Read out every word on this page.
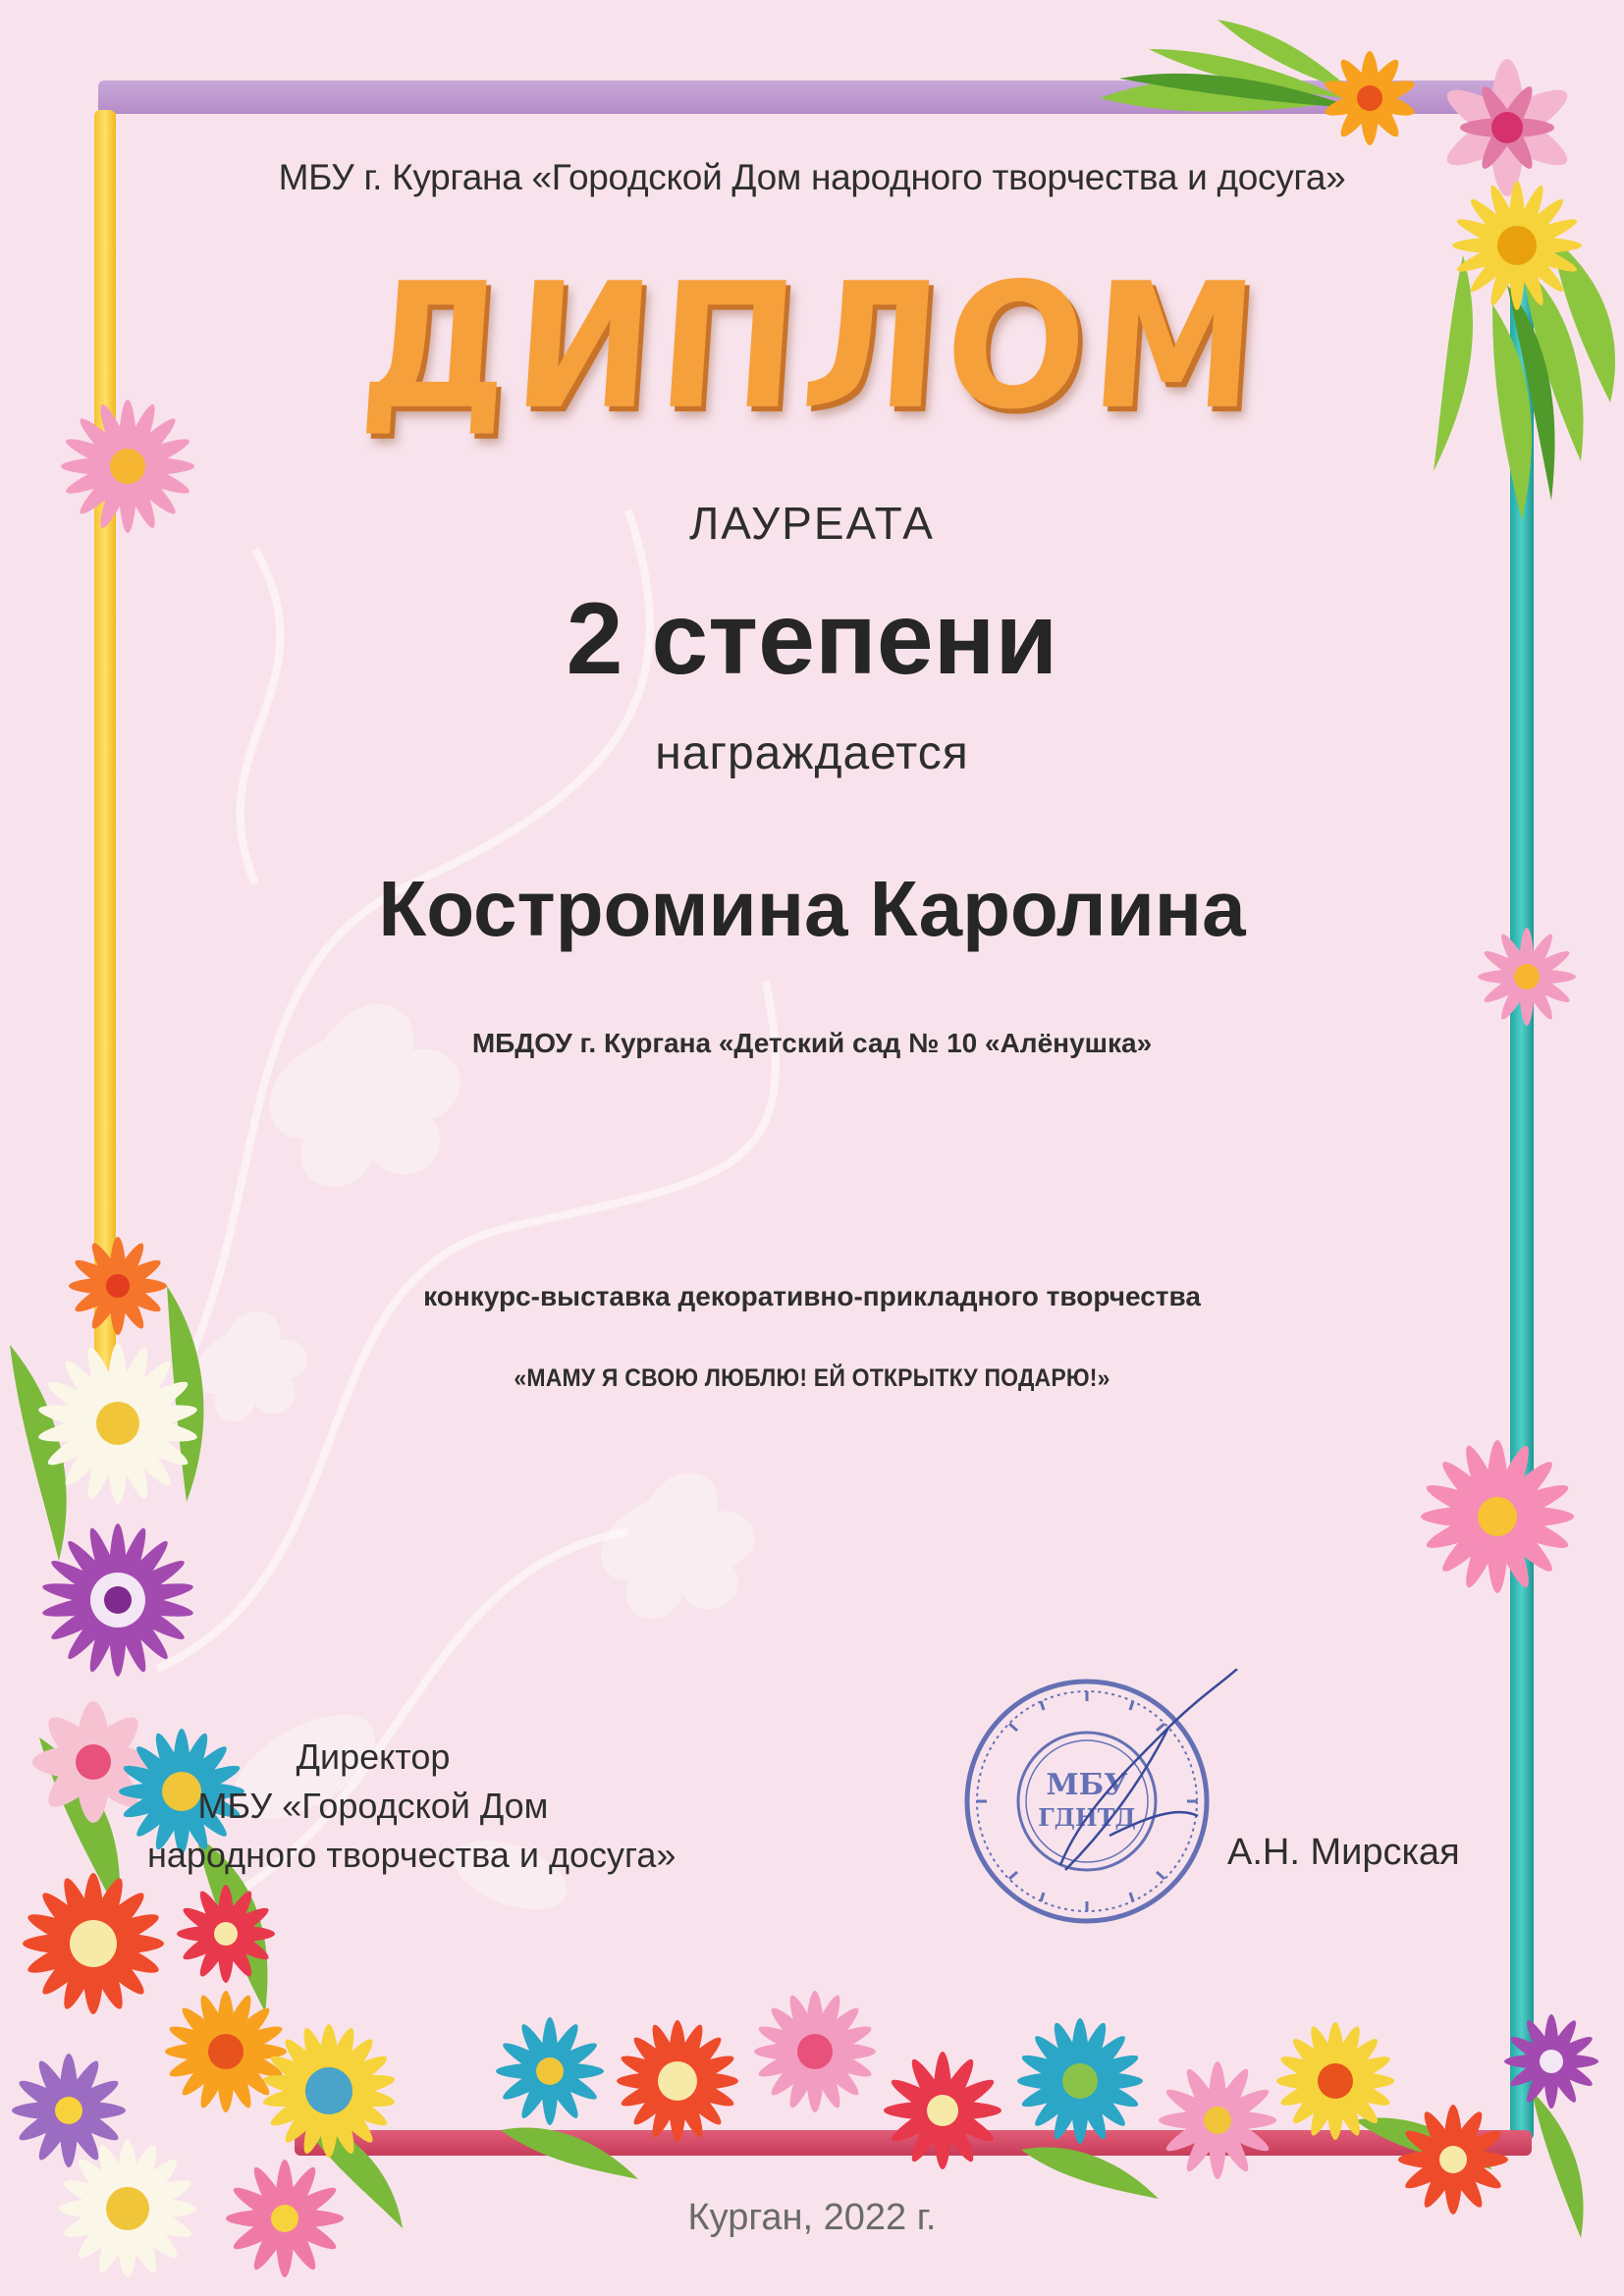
МБУ г. Кургана «Городской Дом народного творчества и досуга»
ДИПЛОМ
ЛАУРЕАТА
2 степени
награждается
Костромина Каролина
МБДОУ г. Кургана «Детский сад № 10 «Алёнушка»
конкурс-выставка декоративно-прикладного творчества
«МАМУ Я СВОЮ ЛЮБЛЮ! ЕЙ ОТКРЫТКУ ПОДАРЮ!»
Директор
МБУ «Городской Дом
народного творчества и досуга»
МБУ
ГДНТД
А.Н. Мирская
Курган, 2022 г.
